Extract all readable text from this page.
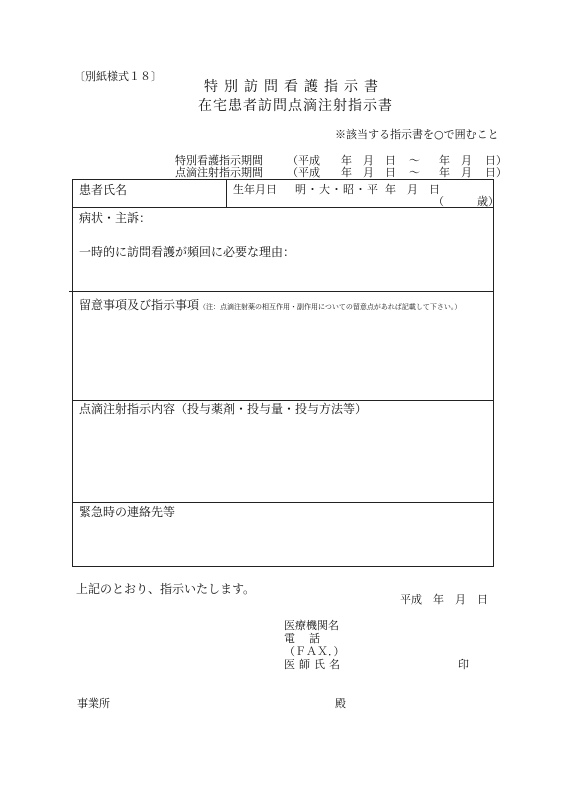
〔別紙様式１８〕
特別訪問看護指示書
在宅患者訪問点滴注射指示書
※該当する指示書を○で囲むこと
特別看護指示期間 （平成 年 月 日 ～ 年 月 日）
点滴注射指示期間 （平成 年 月 日 ～ 年 月 日）
患者氏名	生年月日 明・大・昭・平 年　月　日
（　　　歳）
病状・主訴：
一時的に訪問看護が頻回に必要な理由：
留意事項及び指示事項（注：点滴注射薬の相互作用・副作用についての留意点があれば記載して下さい。）
点滴注射指示内容（投与薬剤・投与量・投与方法等）
緊急時の連絡先等
上記のとおり、指示いたします。
平成　年　月　日
医療機関名
電話
（ＦＡＸ．）
医師氏名	印
事業所	殿
